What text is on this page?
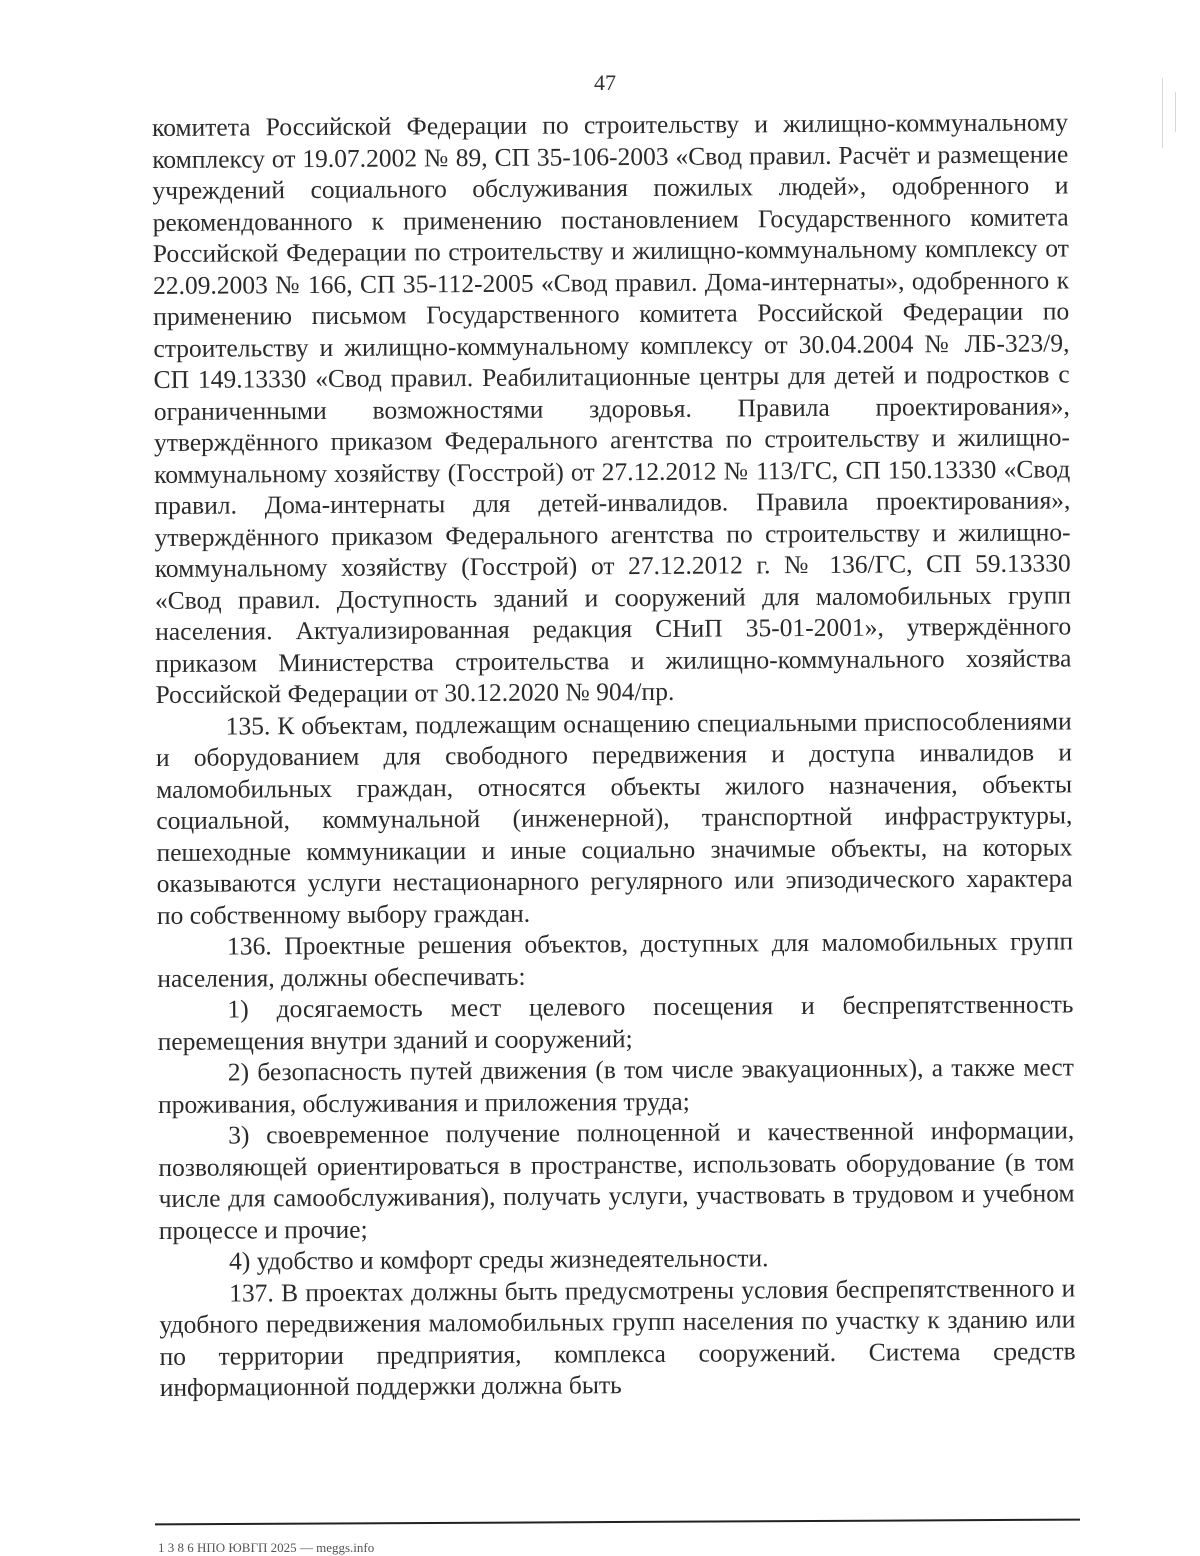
47

комитета Российской Федерации по строительству и жилищно-коммунальному комплексу от 19.07.2002 № 89, СП 35-106-2003 «Свод правил. Расчёт и размещение учреждений социального обслуживания пожилых людей», одобренного и рекомендованного к применению постановлением Государственного комитета Российской Федерации по строительству и жилищно-коммунальному комплексу от 22.09.2003 № 166, СП 35-112-2005 «Свод правил. Дома-интернаты», одобренного к применению письмом Государственного комитета Российской Федерации по строительству и жилищно-коммунальному комплексу от 30.04.2004 № ЛБ-323/9, СП 149.13330 «Свод правил. Реабилитационные центры для детей и подростков с ограниченными возможностями здоровья. Правила проектирования», утверждённого приказом Федерального агентства по строительству и жилищно-коммунальному хозяйству (Госстрой) от 27.12.2012 № 113/ГС, СП 150.13330 «Свод правил. Дома-интернаты для детей-инвалидов. Правила проектирования», утверждённого приказом Федерального агентства по строительству и жилищно-коммунальному хозяйству (Госстрой) от 27.12.2012 г. № 136/ГС, СП 59.13330 «Свод правил. Доступность зданий и сооружений для маломобильных групп населения. Актуализированная редакция СНиП 35-01-2001», утверждённого приказом Министерства строительства и жилищно-коммунального хозяйства Российской Федерации от 30.12.2020 № 904/пр.

135. К объектам, подлежащим оснащению специальными приспособлениями и оборудованием для свободного передвижения и доступа инвалидов и маломобильных граждан, относятся объекты жилого назначения, объекты социальной, коммунальной (инженерной), транспортной инфраструктуры, пешеходные коммуникации и иные социально значимые объекты, на которых оказываются услуги нестационарного регулярного или эпизодического характера по собственному выбору граждан.

136. Проектные решения объектов, доступных для маломобильных групп населения, должны обеспечивать:

1) досягаемость мест целевого посещения и беспрепятственность перемещения внутри зданий и сооружений;

2) безопасность путей движения (в том числе эвакуационных), а также мест проживания, обслуживания и приложения труда;

3) своевременное получение полноценной и качественной информации, позволяющей ориентироваться в пространстве, использовать оборудование (в том числе для самообслуживания), получать услуги, участвовать в трудовом и учебном процессе и прочие;

4) удобство и комфорт среды жизнедеятельности.

137. В проектах должны быть предусмотрены условия беспрепятственного и удобного передвижения маломобильных групп населения по участку к зданию или по территории предприятия, комплекса сооружений. Система средств информационной поддержки должна быть

1 3 8 6 НПО ЮВГП 2025 — meggs.info
